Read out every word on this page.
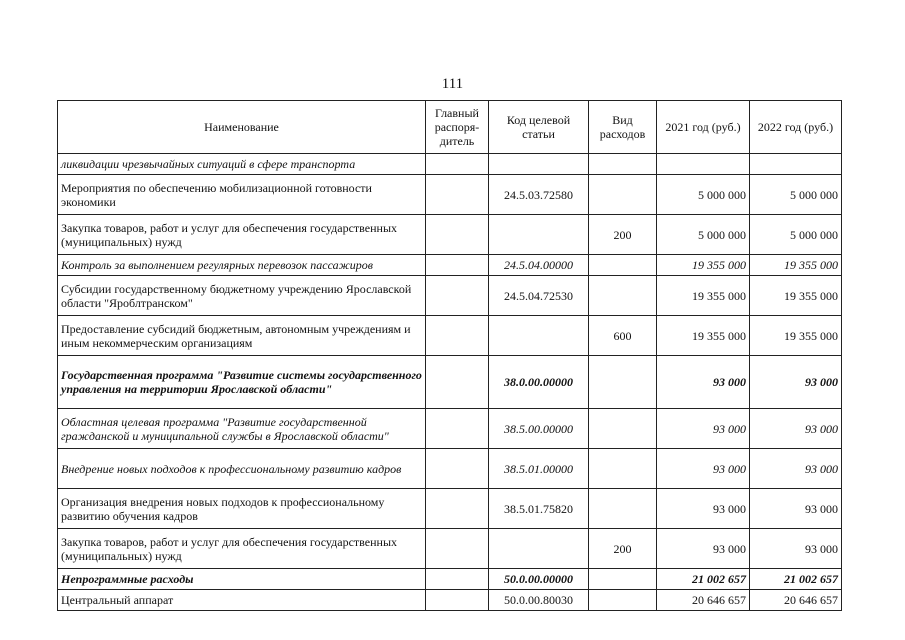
111
Наименование	Главный распоря-дитель	Код целевой статьи	Вид расходов	2021 год (руб.)	2022 год (руб.)
ликвидации чрезвычайных ситуаций в сфере транспорта					
Мероприятия по обеспечению мобилизационной готовности экономики		24.5.03.72580		5 000 000	5 000 000
Закупка товаров, работ и услуг для обеспечения государственных (муниципальных) нужд			200	5 000 000	5 000 000
Контроль за выполнением регулярных перевозок пассажиров		24.5.04.00000		19 355 000	19 355 000
Субсидии государственному бюджетному учреждению Ярославской области "Яроблтранском"		24.5.04.72530		19 355 000	19 355 000
Предоставление субсидий бюджетным, автономным учреждениям и иным некоммерческим организациям			600	19 355 000	19 355 000
Государственная программа "Развитие системы государственного управления на территории Ярославской области"		38.0.00.00000		93 000	93 000
Областная целевая программа "Развитие государственной гражданской и муниципальной службы в Ярославской области"		38.5.00.00000		93 000	93 000
Внедрение новых подходов к профессиональному развитию кадров		38.5.01.00000		93 000	93 000
Организация внедрения новых подходов к профессиональному развитию обучения кадров		38.5.01.75820		93 000	93 000
Закупка товаров, работ и услуг для обеспечения государственных (муниципальных) нужд			200	93 000	93 000
Непрограммные расходы		50.0.00.00000		21 002 657	21 002 657
Центральный аппарат		50.0.00.80030		20 646 657	20 646 657
